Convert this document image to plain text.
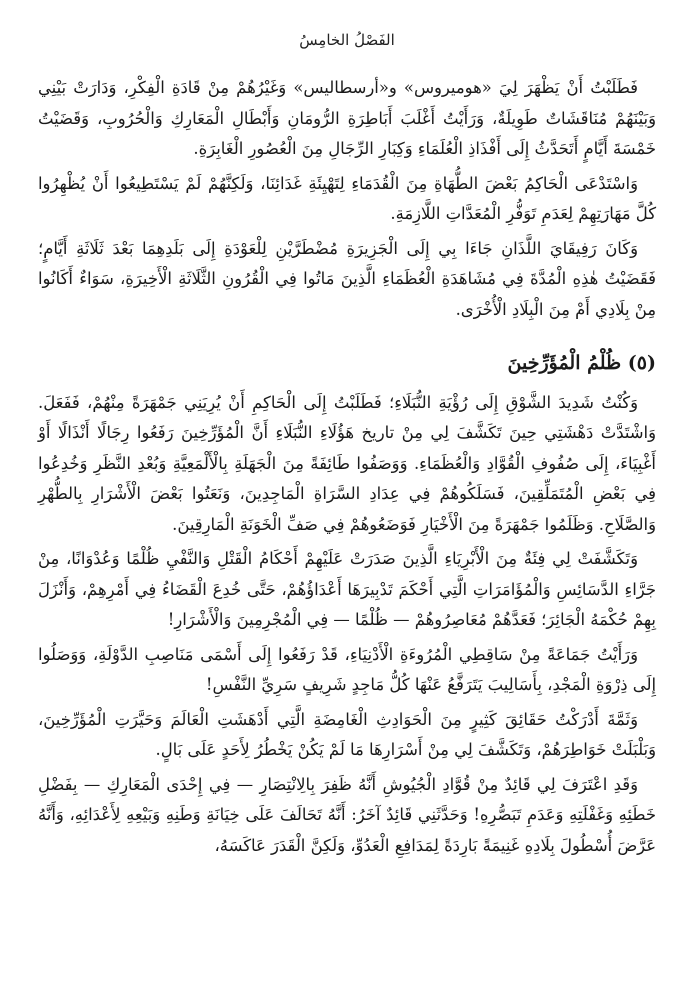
الفَصْلُ الخامِسُ

فَطَلَبْتُ أَنْ يَظْهَرَ لِيَ «هوميروس» و«أرسطاليس» وَغَيْرُهُمْ مِنْ قَادَةِ الْفِكْرِ، وَدَارَتْ بَيْنِي وَبَيْنَهُمْ مُنَاقَشَاتٌ طَوِيلَةٌ، وَرَأَيْتُ أَغْلَبَ أَبَاطِرَةِ الرُّومَانِ وَأَبْطَالِ الْمَعَارِكِ وَالْحُرُوبِ، وَقَضَيْتُ خَمْسَةَ أَيَّامٍ أَتَحَدَّثُ إِلَى أَفْذَاذِ الْعُلَمَاءِ وَكِبَارِ الرِّجَالِ مِنَ الْعُصُورِ الْغَابِرَةِ.

وَاسْتَدْعَى الْحَاكِمُ بَعْضَ الطُّهَاةِ مِنَ الْقُدَمَاءِ لِتَهْيِئَةِ غَدَائِنَا، وَلَكِنَّهُمْ لَمْ يَسْتَطِيعُوا أَنْ يُظْهِرُوا كُلَّ مَهَارَتِهِمْ لِعَدَمِ تَوَفُّرِ الْمُعَدَّاتِ اللَّازِمَةِ.

وَكَانَ رَفِيقَايَ اللَّذَانِ جَاءَا بِي إِلَى الْجَزِيرَةِ مُضْطَرَّيْنِ لِلْعَوْدَةِ إِلَى بَلَدِهِمَا بَعْدَ ثَلَاثَةِ أَيَّامٍ؛ فَقَضَيْتُ هٰذِهِ الْمُدَّةَ فِي مُشَاهَدَةِ الْعُظَمَاءِ الَّذِينَ مَاتُوا فِي الْقُرُونِ الثَّلَاثَةِ الْأَخِيرَةِ، سَوَاءٌ أَكَانُوا مِنْ بِلَادِي أَمْ مِنَ الْبِلَادِ الْأُخْرَى.

(٥) ظُلْمُ الْمُؤَرِّخِينَ

وَكُنْتُ شَدِيدَ الشَّوْقِ إِلَى رُؤْيَةِ النُّبَلَاءِ؛ فَطَلَبْتُ إِلَى الْحَاكِمِ أَنْ يُرِيَنِي جَمْهَرَةً مِنْهُمْ، فَفَعَلَ. وَاشْتَدَّتْ دَهْشَتِي حِينَ تَكَشَّفَ لِي مِنْ تاريخ هَؤُلَاءِ النُّبَلَاءِ أَنَّ الْمُؤَرِّخِينَ رَفَعُوا رِجَالًا أَنْذَالًا أَوْ أَغْبِيَاءَ، إِلَى صُفُوفِ الْقُوَّادِ وَالْعُظَمَاءِ. وَوَصَفُوا طَائِفَةً مِنَ الْجَهَلَةِ بِالْأَلْمَعِيَّةِ وَبُعْدِ النَّظَرِ وَخُدِعُوا فِي بَعْضِ الْمُتَمَلِّقِينَ، فَسَلَكُوهُمْ فِي عِدَادِ السَّرَاةِ الْمَاجِدِينَ، وَنَعَتُوا بَعْضَ الْأَشْرَارِ بِالطُّهْرِ وَالصَّلَاحِ. وَظَلَمُوا جَمْهَرَةً مِنَ الْأَخْيَارِ فَوَضَعُوهُمْ فِي صَفِّ الْخَوَنَةِ الْمَارِقِينَ.

وَتَكَشَّفَتْ لِي فِئَةٌ مِنَ الْأَبْرِيَاءِ الَّذِينَ صَدَرَتْ عَلَيْهِمْ أَحْكَامُ الْقَتْلِ وَالنَّفْيِ ظُلْمًا وَعُدْوَانًا، مِنْ جَرَّاءِ الدَّسَائِسِ وَالْمُؤَامَرَاتِ الَّتِي أَحْكَمَ تَدْبِيرَهَا أَعْدَاؤُهُمْ، حَتَّى خُدِعَ الْقَضَاءُ فِي أَمْرِهِمْ، وَأَنْزَلَ بِهِمْ حُكْمَهُ الْجَائِرَ؛ فَعَدَّهُمْ مُعَاصِرُوهُمْ — ظُلْمًا — فِي الْمُجْرِمِينَ وَالْأَشْرَارِ!

وَرَأَيْتُ جَمَاعَةً مِنْ سَاقِطِي الْمُرُوءَةِ الْأَدْنِيَاءِ، قَدْ رَفَعُوا إِلَى أَسْمَى مَنَاصِبِ الدَّوْلَةِ، وَوَصَلُوا إِلَى ذِرْوَةِ الْمَجْدِ، بِأَسَالِيبَ يَتَرَفَّعُ عَنْهَا كُلُّ مَاجِدٍ شَرِيفٍ سَرِيِّ النَّفْسِ!

وَثَمَّةَ أَدْرَكْتُ حَقَائِقَ كَثِيرٍ مِنَ الْحَوَادِثِ الْغَامِضَةِ الَّتِي أَدْهَشَتِ الْعَالَمَ وَحَيَّرَتِ الْمُؤَرِّخِينَ، وَبَلْبَلَتْ خَوَاطِرَهُمْ، وَتَكَشَّفَ لِي مِنْ أَسْرَارِهَا مَا لَمْ يَكُنْ يَخْطُرُ لِأَحَدٍ عَلَى بَالٍ.

وَقَدِ اعْتَرَفَ لِي قَائِدٌ مِنْ قُوَّادِ الْجُيُوشِ أَنَّهُ ظَفِرَ بِالِانْتِصَارِ — فِي إِحْدَى الْمَعَارِكِ — بِفَضْلِ خَطَئِهِ وَغَفْلَتِهِ وَعَدَمِ تَبَصُّرِهِ! وَحَدَّثَنِي قَائِدٌ آخَرُ: أَنَّهُ تَحَالَفَ عَلَى خِيَانَةِ وَطَنِهِ وَبَيْعِهِ لِأَعْدَائِهِ، وَأَنَّهُ عَرَّضَ أُسْطُولَ بِلَادِهِ غَنِيمَةً بَارِدَةً لِمَدَافِعِ الْعَدُوِّ، وَلَكِنَّ الْقَدَرَ عَاكَسَهُ،
